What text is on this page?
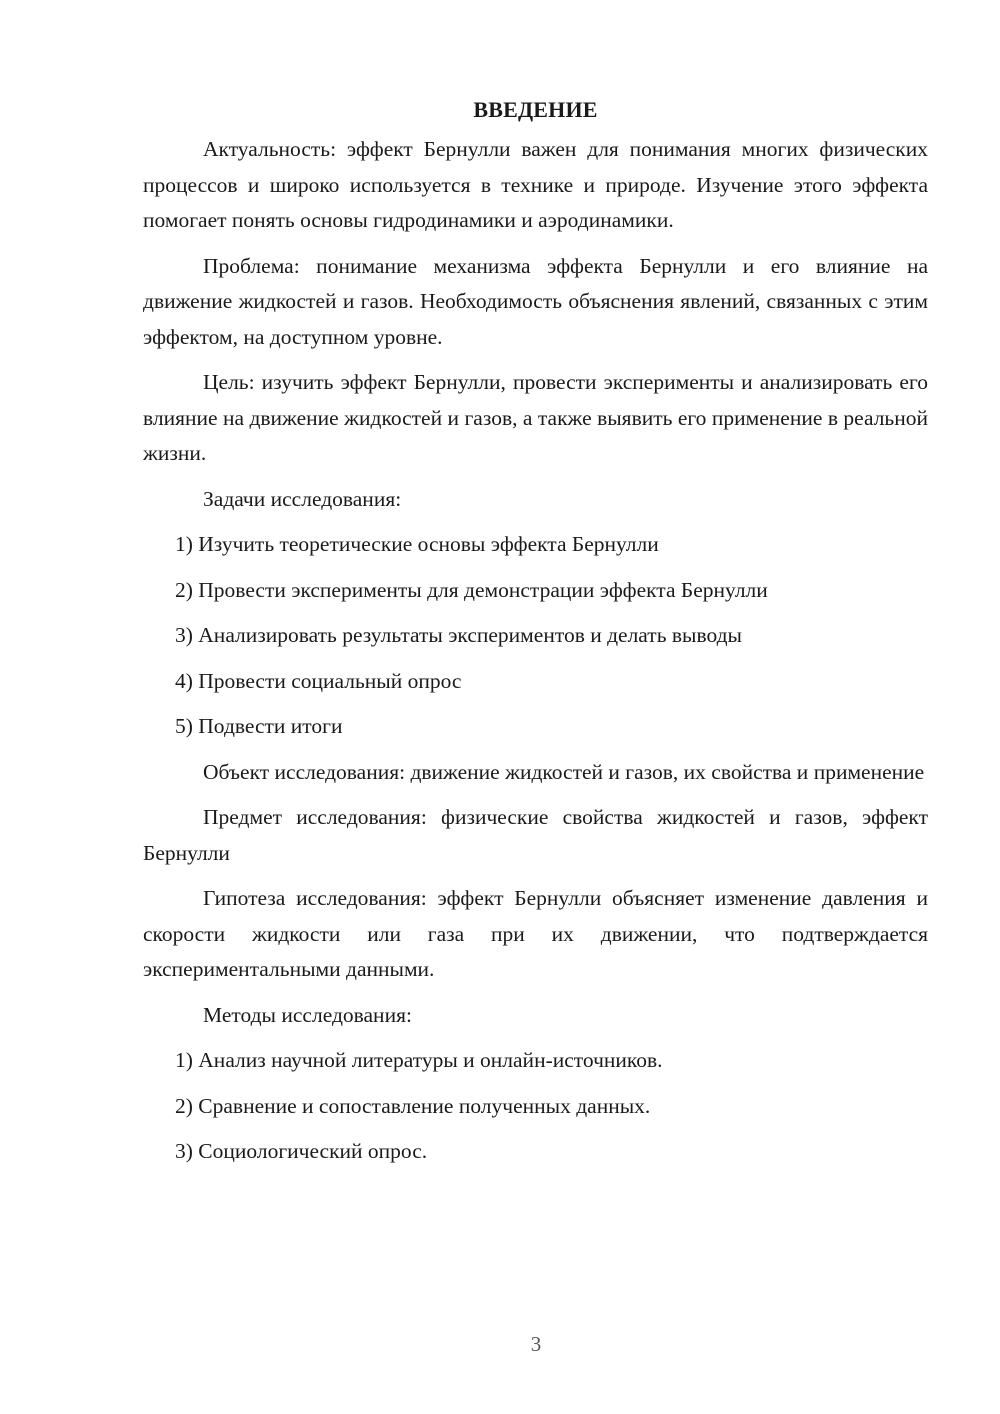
ВВЕДЕНИЕ

Актуальность: эффект Бернулли важен для понимания многих физических процессов и широко используется в технике и природе. Изучение этого эффекта помогает понять основы гидродинамики и аэродинамики.

Проблема: понимание механизма эффекта Бернулли и его влияние на движение жидкостей и газов. Необходимость объяснения явлений, связанных с этим эффектом, на доступном уровне.

Цель: изучить эффект Бернулли, провести эксперименты и анализировать его влияние на движение жидкостей и газов, а также выявить его применение в реальной жизни.

Задачи исследования:

1) Изучить теоретические основы эффекта Бернулли
2) Провести эксперименты для демонстрации эффекта Бернулли
3) Анализировать результаты экспериментов и делать выводы
4) Провести социальный опрос
5) Подвести итоги

Объект исследования: движение жидкостей и газов, их свойства и применение

Предмет исследования: физические свойства жидкостей и газов, эффект Бернулли

Гипотеза исследования: эффект Бернулли объясняет изменение давления и скорости жидкости или газа при их движении, что подтверждается экспериментальными данными.

Методы исследования:

1) Анализ научной литературы и онлайн-источников.
2) Сравнение и сопоставление полученных данных.
3) Социологический опрос.
3
